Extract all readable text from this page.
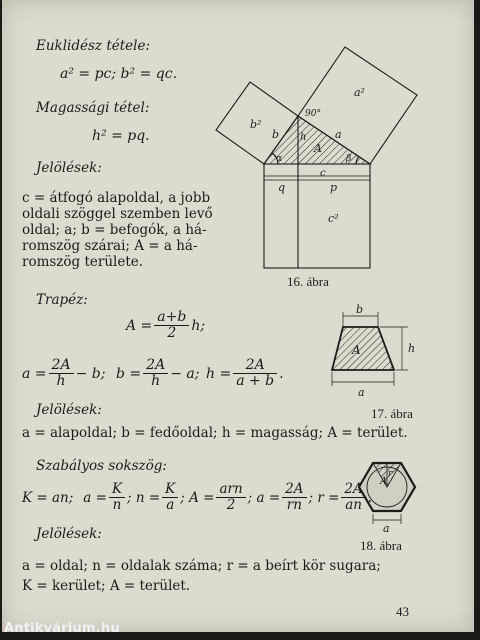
Euklidész tétele:
a² = pc; b² = qc.
Magassági tétel:
h² = pq.
Jelölések:
c = átfogó alapoldal, a jobb
oldali szöggel szemben levő
oldal; a; b = befogók, a há-
romszög szárai; A = a há-
romszög területe.
a²
b²
c²
90°
b	a
h
A
α	β
q
c
p
b
a
h
A
A
r
a
16. ábra
17. ábra
18. ábra
Trapéz:
$A = \frac{a+b}{2} h$;
$a = \frac{2A}{h} - b$; $b = \frac{2A}{h} - a$; $h = \frac{2A}{a + b}$ .
Jelölések:
a = alapoldal; b = fedőoldal; h = magasság; A = terület.
Szabályos sokszög:
K = an; $a = \frac{K}{n}$ ; $n = \frac{K}{a}$ ; $A = \frac{\text{arn}}{2}$ ; $a = \frac{2A}{rn}$ ; $r = \frac{2A}{an}$ .
Jelölések:
a = oldal; n = oldalak száma; r = a beírt kör sugara;
K = kerület; A = terület.
43
Antikvárium.hu
